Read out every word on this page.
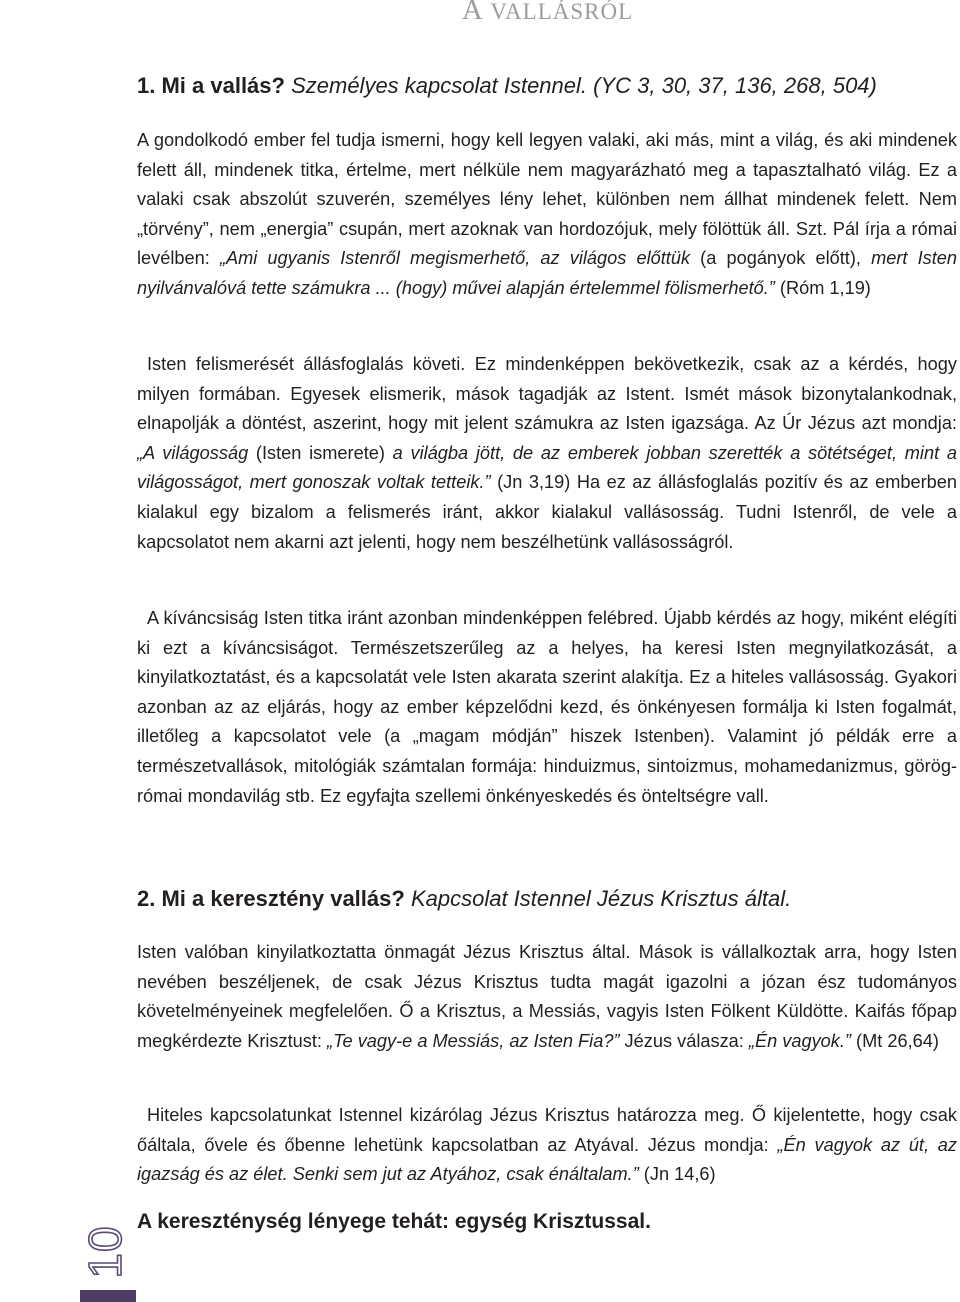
A VALLÁSRÓL
1. Mi a vallás? Személyes kapcsolat Istennel. (YC 3, 30, 37, 136, 268, 504)

A gondolkodó ember fel tudja ismerni, hogy kell legyen valaki, aki más, mint a világ, és aki mindenek felett áll, mindenek titka, értelme, mert nélküle nem magyarázható meg a tapasztalható világ. Ez a valaki csak abszolút szuverén, személyes lény lehet, különben nem állhat mindenek felett. Nem „törvény”, nem „energia” csupán, mert azoknak van hordozójuk, mely fölöttük áll. Szt. Pál írja a római levélben: „Ami ugyanis Istenről megismerhető, az világos előttük (a pogányok előtt), mert Isten nyilvánvalóvá tette számukra ... (hogy) művei alapján értelemmel fölismerhető.” (Róm 1,19)

Isten felismerését állásfoglalás követi. Ez mindenképpen bekövetkezik, csak az a kérdés, hogy milyen formában. Egyesek elismerik, mások tagadják az Istent. Ismét mások bizonytalankodnak, elnapolják a döntést, aszerint, hogy mit jelent számukra az Isten igazsága. Az Úr Jézus azt mondja: „A világosság (Isten ismerete) a világba jött, de az emberek jobban szerették a sötétséget, mint a világosságot, mert gonoszak voltak tetteik.” (Jn 3,19) Ha ez az állásfoglalás pozitív és az emberben kialakul egy bizalom a felismerés iránt, akkor kialakul vallásosság. Tudni Istenről, de vele a kapcsolatot nem akarni azt jelenti, hogy nem beszélhetünk vallásosságról.

A kíváncsiság Isten titka iránt azonban mindenképpen felébred. Újabb kérdés az hogy, miként elégíti ki ezt a kíváncsiságot. Természetszerűleg az a helyes, ha keresi Isten megnyilatkozását, a kinyilatkoztatást, és a kapcsolatát vele Isten akarata szerint alakítja. Ez a hiteles vallásosság. Gyakori azonban az az eljárás, hogy az ember képzelődni kezd, és önkényesen formálja ki Isten fogalmát, illetőleg a kapcsolatot vele (a „magam módján” hiszek Istenben). Valamint jó példák erre a természetvallások, mitológiák számtalan formája: hinduizmus, sintoizmus, mohamedanizmus, görög-római mondavilág stb. Ez egyfajta szellemi önkényeskedés és önteltségre vall.

2. Mi a keresztény vallás? Kapcsolat Istennel Jézus Krisztus által.

Isten valóban kinyilatkoztatta önmagát Jézus Krisztus által. Mások is vállalkoztak arra, hogy Isten nevében beszéljenek, de csak Jézus Krisztus tudta magát igazolni a józan ész tudományos követelményeinek megfelelően. Ő a Krisztus, a Messiás, vagyis Isten Fölkent Küldötte. Kaifás főpap megkérdezte Krisztust: „Te vagy-e a Messiás, az Isten Fia?” Jézus válasza: „Én vagyok.” (Mt 26,64)

Hiteles kapcsolatunkat Istennel kizárólag Jézus Krisztus határozza meg. Ő kijelentette, hogy csak őáltala, ővele és őbenne lehetünk kapcsolatban az Atyával. Jézus mondja: „Én vagyok az út, az igazság és az élet. Senki sem jut az Atyához, csak énáltalam.” (Jn 14,6)

A kereszténység lényege tehát: egység Krisztussal.
10
